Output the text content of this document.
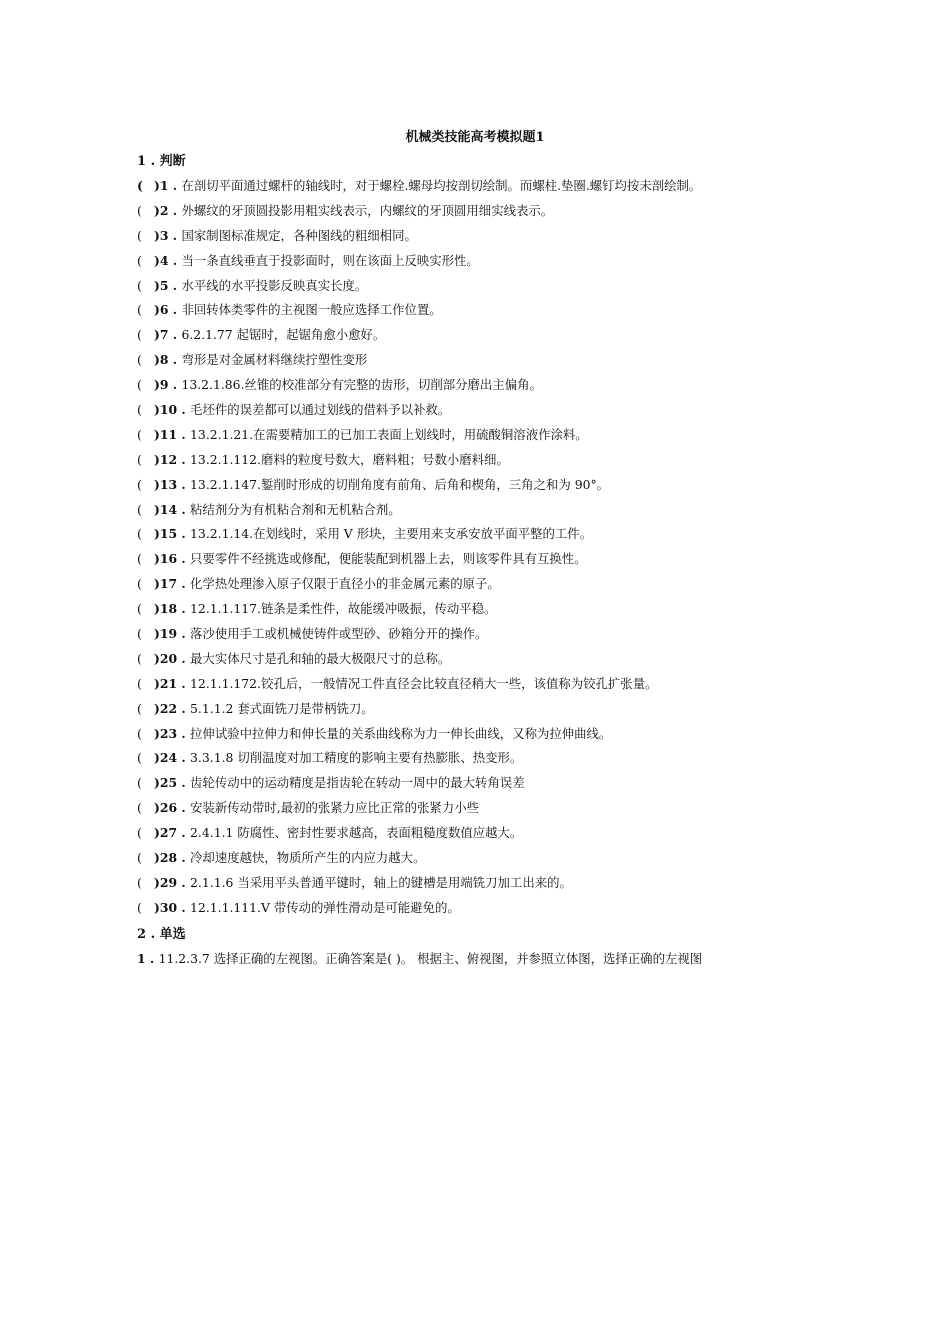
机械类技能高考模拟题1
1 . 判断
( )1 . 在剖切平面通过螺杆的轴线时，对于螺栓.螺母均按剖切绘制。而螺柱.垫圈.螺钉均按未剖绘制。
( )2 . 外螺纹的牙顶圆投影用粗实线表示，内螺纹的牙顶圆用细实线表示。
( )3 . 国家制图标准规定，各种图线的粗细相同。
( )4 . 当一条直线垂直于投影面时，则在该面上反映实形性。
( )5 . 水平线的水平投影反映真实长度。
( )6 . 非回转体类零件的主视图一般应选择工作位置。
( )7 . 6.2.1.77 起锯时，起锯角愈小愈好。
( )8 . 弯形是对金属材料继续拧塑性变形
( )9 . 13.2.1.86.丝锥的校准部分有完整的齿形，切削部分磨出主偏角。
( )10 . 毛坯件的误差都可以通过划线的借料予以补救。
( )11 . 13.2.1.21.在需要精加工的已加工表面上划线时，用硫酸铜溶液作涂料。
( )12 . 13.2.1.112.磨料的粒度号数大，磨料粗；号数小磨料细。
( )13 . 13.2.1.147.錾削时形成的切削角度有前角、后角和楔角，三角之和为 90°。
( )14 . 粘结剂分为有机粘合剂和无机粘合剂。
( )15 . 13.2.1.14.在划线时，采用 V 形块，主要用来支承安放平面平整的工件。
( )16 . 只要零件不经挑选或修配，便能装配到机器上去，则该零件具有互换性。
( )17 . 化学热处理渗入原子仅限于直径小的非金属元素的原子。
( )18 . 12.1.1.117.链条是柔性件，故能缓冲吸振，传动平稳。
( )19 . 落沙使用手工或机械使铸件或型砂、砂箱分开的操作。
( )20 . 最大实体尺寸是孔和轴的最大极限尺寸的总称。
( )21 . 12.1.1.172.铰孔后，一般情况工件直径会比较直径稍大一些，该值称为铰孔扩张量。
( )22 . 5.1.1.2 套式面铣刀是带柄铣刀。
( )23 . 拉伸试验中拉伸力和伸长量的关系曲线称为力一伸长曲线，又称为拉伸曲线。
( )24 . 3.3.1.8 切削温度对加工精度的影响主要有热膨胀、热变形。
( )25 . 齿轮传动中的运动精度是指齿轮在转动一周中的最大转角误差
( )26 . 安装新传动带时,最初的张紧力应比正常的张紧力小些
( )27 . 2.4.1.1 防腐性、密封性要求越高，表面粗糙度数值应越大。
( )28 . 冷却速度越快，物质所产生的内应力越大。
( )29 . 2.1.1.6 当采用平头普通平键时，轴上的键槽是用端铣刀加工出来的。
( )30 . 12.1.1.111.V 带传动的弹性滑动是可能避免的。
2 . 单选
1 . 11.2.3.7 选择正确的左视图。正确答案是( )。 根据主、俯视图，并参照立体图，选择正确的左视图
